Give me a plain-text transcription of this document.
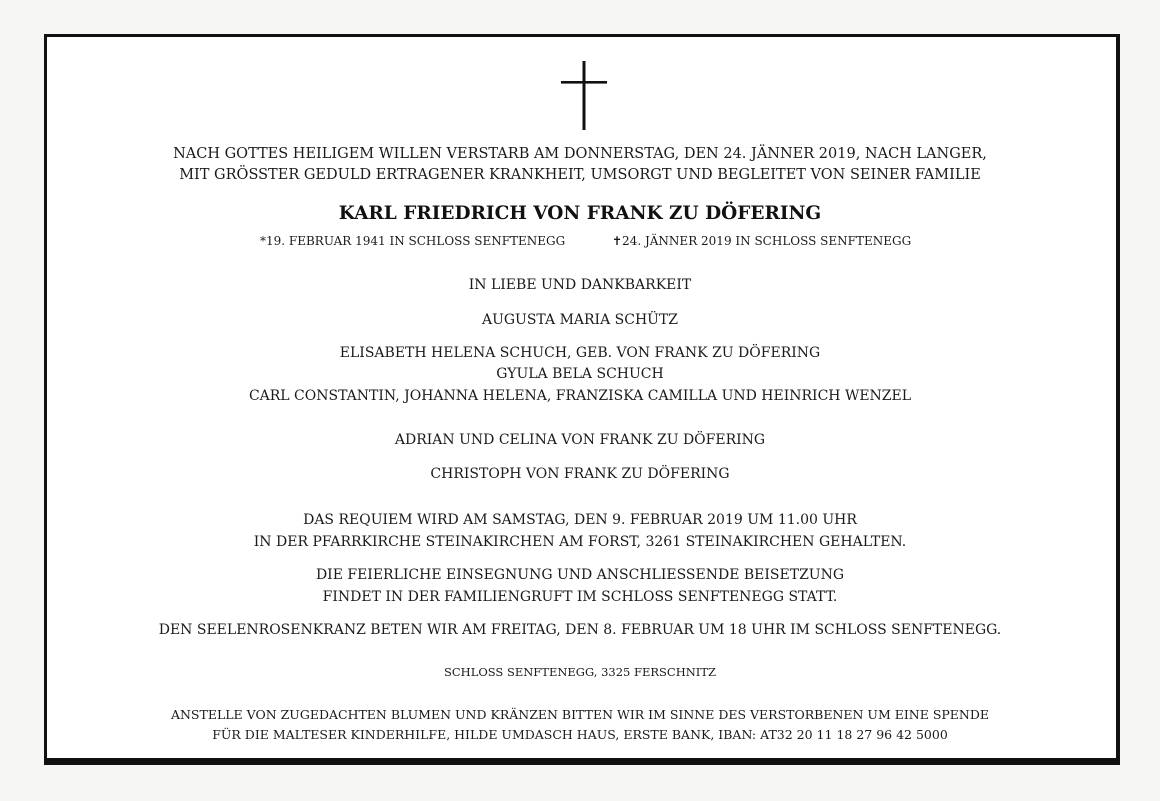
NACH GOTTES HEILIGEM WILLEN VERSTARB AM DONNERSTAG, DEN 24. JÄNNER 2019, NACH LANGER,
MIT GRÖSSTER GEDULD ERTRAGENER KRANKHEIT, UMSORGT UND BEGLEITET VON SEINER FAMILIE
KARL FRIEDRICH VON FRANK ZU DÖFERING
*19. FEBRUAR 1941 IN SCHLOSS SENFTENEGG	✝24. JÄNNER 2019 IN SCHLOSS SENFTENEGG
IN LIEBE UND DANKBARKEIT
AUGUSTA MARIA SCHÜTZ
ELISABETH HELENA SCHUCH, GEB. VON FRANK ZU DÖFERING
GYULA BELA SCHUCH
CARL CONSTANTIN, JOHANNA HELENA, FRANZISKA CAMILLA UND HEINRICH WENZEL
ADRIAN UND CELINA VON FRANK ZU DÖFERING
CHRISTOPH VON FRANK ZU DÖFERING
DAS REQUIEM WIRD AM SAMSTAG, DEN 9. FEBRUAR 2019 UM 11.00 UHR
IN DER PFARRKIRCHE STEINAKIRCHEN AM FORST, 3261 STEINAKIRCHEN GEHALTEN.
DIE FEIERLICHE EINSEGNUNG UND ANSCHLIESSENDE BEISETZUNG
FINDET IN DER FAMILIENGRUFT IM SCHLOSS SENFTENEGG STATT.
DEN SEELENROSENKRANZ BETEN WIR AM FREITAG, DEN 8. FEBRUAR UM 18 UHR IM SCHLOSS SENFTENEGG.
SCHLOSS SENFTENEGG, 3325 FERSCHNITZ
ANSTELLE VON ZUGEDACHTEN BLUMEN UND KRÄNZEN BITTEN WIR IM SINNE DES VERSTORBENEN UM EINE SPENDE
FÜR DIE MALTESER KINDERHILFE, HILDE UMDASCH HAUS, ERSTE BANK, IBAN: AT32 20 11 18 27 96 42 5000
